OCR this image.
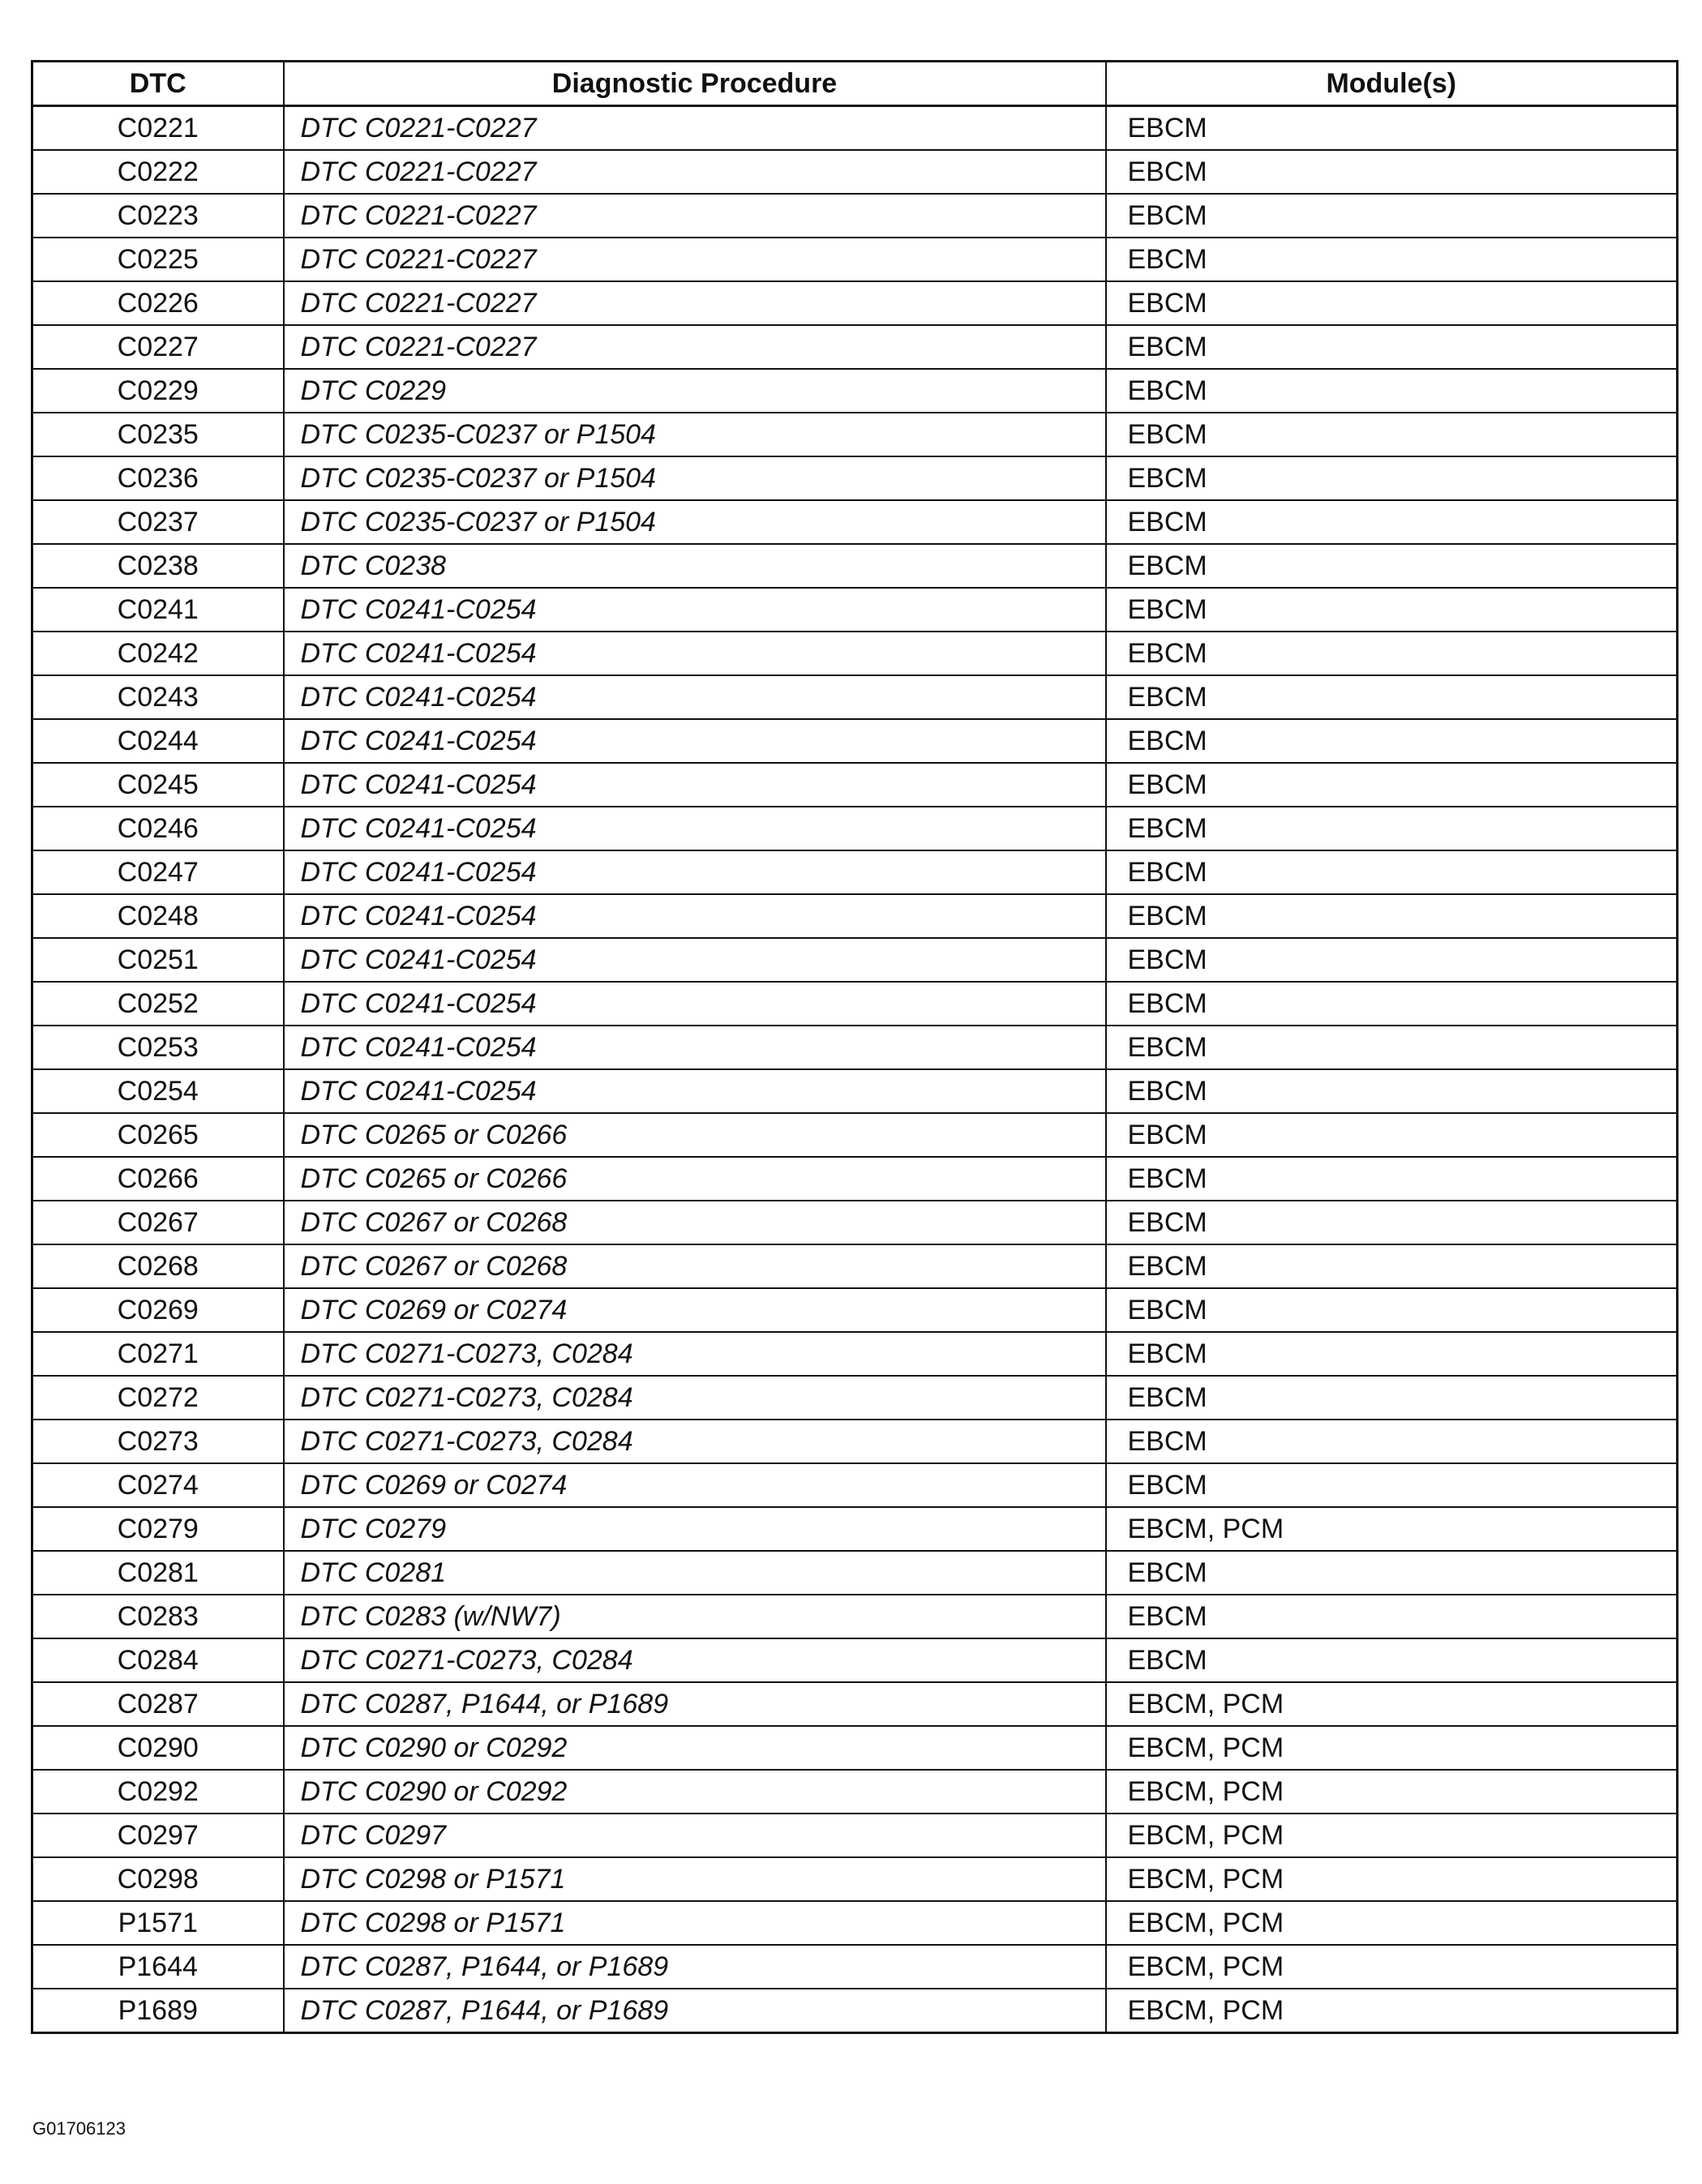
DTC	Diagnostic Procedure	Module(s)
C0221	DTC C0221-C0227	EBCM
C0222	DTC C0221-C0227	EBCM
C0223	DTC C0221-C0227	EBCM
C0225	DTC C0221-C0227	EBCM
C0226	DTC C0221-C0227	EBCM
C0227	DTC C0221-C0227	EBCM
C0229	DTC C0229	EBCM
C0235	DTC C0235-C0237 or P1504	EBCM
C0236	DTC C0235-C0237 or P1504	EBCM
C0237	DTC C0235-C0237 or P1504	EBCM
C0238	DTC C0238	EBCM
C0241	DTC C0241-C0254	EBCM
C0242	DTC C0241-C0254	EBCM
C0243	DTC C0241-C0254	EBCM
C0244	DTC C0241-C0254	EBCM
C0245	DTC C0241-C0254	EBCM
C0246	DTC C0241-C0254	EBCM
C0247	DTC C0241-C0254	EBCM
C0248	DTC C0241-C0254	EBCM
C0251	DTC C0241-C0254	EBCM
C0252	DTC C0241-C0254	EBCM
C0253	DTC C0241-C0254	EBCM
C0254	DTC C0241-C0254	EBCM
C0265	DTC C0265 or C0266	EBCM
C0266	DTC C0265 or C0266	EBCM
C0267	DTC C0267 or C0268	EBCM
C0268	DTC C0267 or C0268	EBCM
C0269	DTC C0269 or C0274	EBCM
C0271	DTC C0271-C0273, C0284	EBCM
C0272	DTC C0271-C0273, C0284	EBCM
C0273	DTC C0271-C0273, C0284	EBCM
C0274	DTC C0269 or C0274	EBCM
C0279	DTC C0279	EBCM, PCM
C0281	DTC C0281	EBCM
C0283	DTC C0283 (w/NW7)	EBCM
C0284	DTC C0271-C0273, C0284	EBCM
C0287	DTC C0287, P1644, or P1689	EBCM, PCM
C0290	DTC C0290 or C0292	EBCM, PCM
C0292	DTC C0290 or C0292	EBCM, PCM
C0297	DTC C0297	EBCM, PCM
C0298	DTC C0298 or P1571	EBCM, PCM
P1571	DTC C0298 or P1571	EBCM, PCM
P1644	DTC C0287, P1644, or P1689	EBCM, PCM
P1689	DTC C0287, P1644, or P1689	EBCM, PCM
G01706123
